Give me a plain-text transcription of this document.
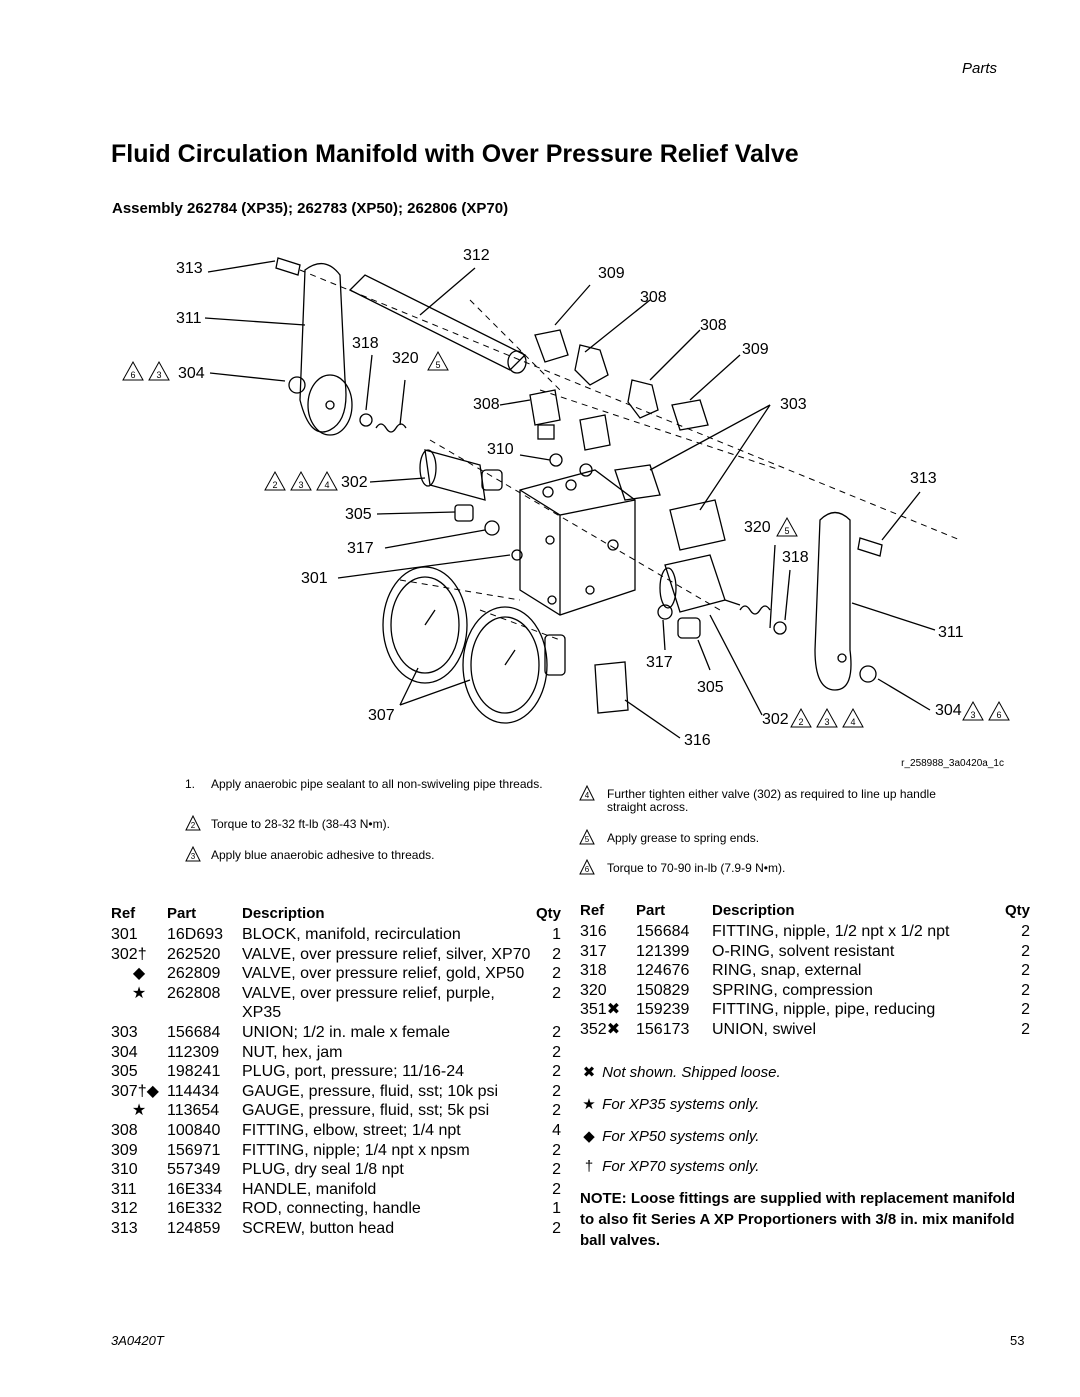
Parts
Fluid Circulation Manifold with Over Pressure Relief Valve
Assembly 262784 (XP35); 262783 (XP50); 262806 (XP70)
313
312
309
308
311	308
318
320
309
304
308	303
310
302	313
305
320
317
318
301
311
317
305
307	302
304
316
6 3
5
2 3 4
5
2 3 4
3 6
r_258988_3a0420a_1c
1. Apply anaerobic pipe sealant to all non-swiveling pipe threads.
2 Torque to 28-32 ft-lb (38-43 N•m).
3 Apply blue anaerobic adhesive to threads.
4 Further tighten either valve (302) as required to line up handle straight across.
5 Apply grease to spring ends.
6 Torque to 70-90 in-lb (7.9-9 N•m).
Ref	Part	Description	Qty
301	16D693	BLOCK, manifold, recirculation	1
302†	262520	VALVE, over pressure relief, silver, XP70	2
◆	262809	VALVE, over pressure relief, gold, XP50	2
★	262808	VALVE, over pressure relief, purple, XP35	2
303	156684	UNION; 1/2 in. male x female	2
304	112309	NUT, hex, jam	2
305	198241	PLUG, port, pressure; 11/16-24	2
307†◆	114434	GAUGE, pressure, fluid, sst; 10k psi	2
★	113654	GAUGE, pressure, fluid, sst; 5k psi	2
308	100840	FITTING, elbow, street; 1/4 npt	4
309	156971	FITTING, nipple; 1/4 npt x npsm	2
310	557349	PLUG, dry seal 1/8 npt	2
311	16E334	HANDLE, manifold	2
312	16E332	ROD, connecting, handle	1
313	124859	SCREW, button head	2
Ref	Part	Description	Qty
316	156684	FITTING, nipple, 1/2 npt x 1/2 npt	2
317	121399	O-RING, solvent resistant	2
318	124676	RING, snap, external	2
320	150829	SPRING, compression	2
351✖	159239	FITTING, nipple, pipe, reducing	2
352✖	156173	UNION, swivel	2
✖ Not shown. Shipped loose.
★ For XP35 systems only.
◆ For XP50 systems only.
† For XP70 systems only.
NOTE: Loose fittings are supplied with replacement manifold to also fit Series A XP Proportioners with 3/8 in. mix manifold ball valves.
3A0420T	53
